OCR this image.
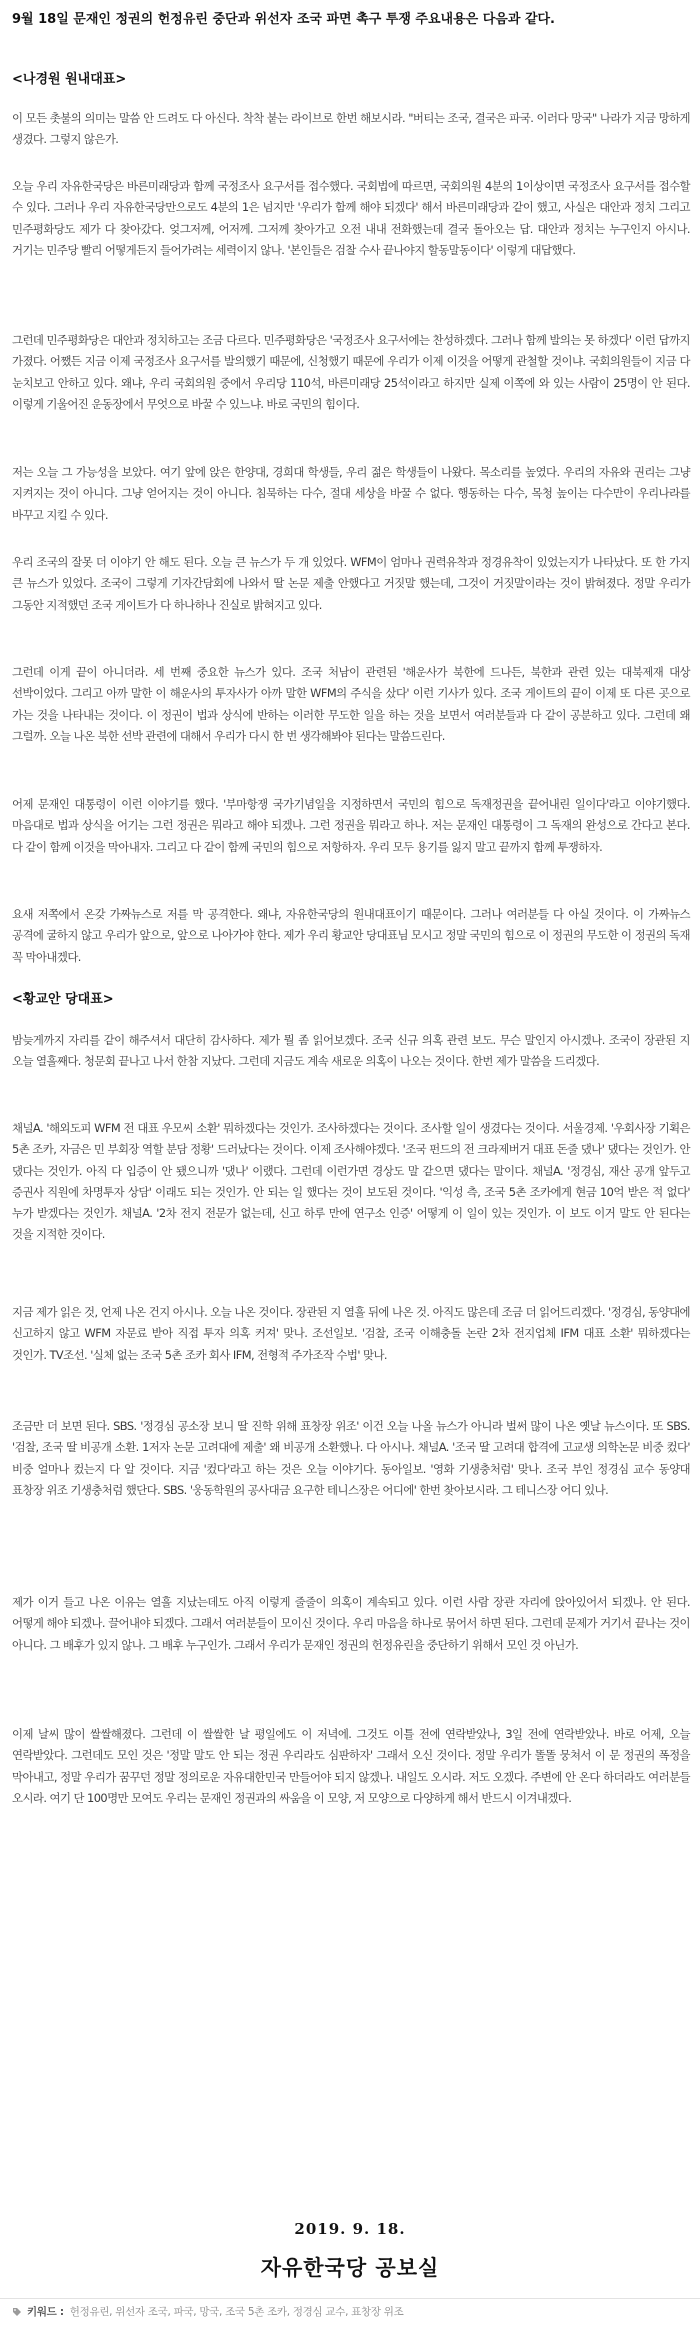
9월 18일 문재인 정권의 헌정유린 중단과 위선자 조국 파면 촉구 투쟁 주요내용은 다음과 같다.
<나경원 원내대표>

이 모든 촛불의 의미는 말씀 안 드려도 다 아신다. 착착 붙는 라이브로 한번 해보시라. "버티는 조국, 결국은 파국. 이러다 망국" 나라가 지금 망하게 생겼다. 그렇지 않은가.

오늘 우리 자유한국당은 바른미래당과 함께 국정조사 요구서를 접수했다. 국회법에 따르면, 국회의원 4분의 1이상이면 국정조사 요구서를 접수할 수 있다. 그러나 우리 자유한국당만으로도 4분의 1은 넘지만 '우리가 함께 해야 되겠다' 해서 바른미래당과 같이 했고, 사실은 대안과 정치 그리고 민주평화당도 제가 다 찾아갔다. 엊그저께, 어저께. 그저께 찾아가고 오전 내내 전화했는데 결국 돌아오는 답. 대안과 정치는 누구인지 아시나. 거기는 민주당 빨리 어떻게든지 들어가려는 세력이지 않나. '본인들은 검찰 수사 끝나야지 할동말동이다' 이렇게 대답했다.

그런데 민주평화당은 대안과 정치하고는 조금 다르다. 민주평화당은 '국정조사 요구서에는 찬성하겠다. 그러나 함께 발의는 못 하겠다' 이런 답까지 가졌다. 어쨌든 지금 이제 국정조사 요구서를 발의했기 때문에, 신청했기 때문에 우리가 이제 이것을 어떻게 관철할 것이냐. 국회의원들이 지금 다 눈치보고 안하고 있다. 왜냐, 우리 국회의원 중에서 우리당 110석, 바른미래당 25석이라고 하지만 실제 이쪽에 와 있는 사람이 25명이 안 된다. 이렇게 기울어진 운동장에서 무엇으로 바꿀 수 있느냐. 바로 국민의 힘이다.

저는 오늘 그 가능성을 보았다. 여기 앞에 앉은 한양대, 경희대 학생들, 우리 젊은 학생들이 나왔다. 목소리를 높였다. 우리의 자유와 권리는 그냥 지켜지는 것이 아니다. 그냥 얻어지는 것이 아니다. 침묵하는 다수, 절대 세상을 바꿀 수 없다. 행동하는 다수, 목청 높이는 다수만이 우리나라를 바꾸고 지킬 수 있다.

우리 조국의 잘못 더 이야기 안 해도 된다. 오늘 큰 뉴스가 두 개 있었다. WFM이 엄마나 권력유착과 정경유착이 있었는지가 나타났다. 또 한 가지 큰 뉴스가 있었다. 조국이 그렇게 기자간담회에 나와서 딸 논문 제출 안했다고 거짓말 했는데, 그것이 거짓말이라는 것이 밝혀졌다. 정말 우리가 그동안 지적했던 조국 게이트가 다 하나하나 진실로 밝혀지고 있다.

그런데 이게 끝이 아니더라. 세 번째 중요한 뉴스가 있다. 조국 처남이 관련된 '해운사가 북한에 드나든, 북한과 관련 있는 대북제재 대상 선박이었다. 그리고 아까 말한 이 해운사의 투자사가 아까 말한 WFM의 주식을 샀다' 이런 기사가 있다. 조국 게이트의 끝이 이제 또 다른 곳으로 가는 것을 나타내는 것이다. 이 정권이 법과 상식에 반하는 이러한 무도한 일을 하는 것을 보면서 여러분들과 다 같이 공분하고 있다. 그런데 왜 그럴까. 오늘 나온 북한 선박 관련에 대해서 우리가 다시 한 번 생각해봐야 된다는 말씀드린다.

어제 문재인 대통령이 이런 이야기를 했다. '부마항쟁 국가기념일을 지정하면서 국민의 힘으로 독재정권을 끝어내린 일이다'라고 이야기했다. 마음대로 법과 상식을 어기는 그런 정권은 뭐라고 해야 되겠나. 그런 정권을 뭐라고 하나. 저는 문재인 대통령이 그 독재의 완성으로 간다고 본다. 다 같이 함께 이것을 막아내자. 그리고 다 같이 함께 국민의 힘으로 저항하자. 우리 모두 용기를 잃지 말고 끝까지 함께 투쟁하자.

요새 저쪽에서 온갖 가짜뉴스로 저를 막 공격한다. 왜냐, 자유한국당의 원내대표이기 때문이다. 그러나 여러분들 다 아실 것이다. 이 가짜뉴스 공격에 굴하지 않고 우리가 앞으로, 앞으로 나아가야 한다. 제가 우리 황교안 당대표님 모시고 정말 국민의 힘으로 이 정권의 무도한 이 정권의 독재 꼭 막아내겠다.

<황교안 당대표>

밤늦게까지 자리를 같이 해주셔서 대단히 감사하다. 제가 뭘 좀 읽어보겠다. 조국 신규 의혹 관련 보도. 무슨 말인지 아시겠나. 조국이 장관된 지 오늘 열흘째다. 청문회 끝나고 나서 한참 지났다. 그런데 지금도 계속 새로운 의혹이 나오는 것이다. 한번 제가 말씀을 드리겠다.

채널A. '해외도피 WFM 전 대표 우모씨 소환' 뭐하겠다는 것인가. 조사하겠다는 것이다. 조사할 일이 생겼다는 것이다. 서울경제. '우회사장 기획은 5촌 조카, 자금은 민 부회장 역할 분담 정황' 드러났다는 것이다. 이제 조사해야겠다. '조국 펀드의 전 크라제버거 대표 돈줄 댔나' 댔다는 것인가. 안 댔다는 것인가. 아직 다 입증이 안 됐으니까 '댔나' 이랬다. 그런데 이런가면 경상도 말 같으면 댔다는 말이다. 채널A. '정경심, 재산 공개 앞두고 증권사 직원에 차명투자 상담' 이래도 되는 것인가. 안 되는 일 했다는 것이 보도된 것이다. '익성 측, 조국 5촌 조카에게 현금 10억 받은 적 없다' 누가 받겠다는 것인가. 채널A. '2차 전지 전문가 없는데, 신고 하루 만에 연구소 인증' 어떻게 이 일이 있는 것인가. 이 보도 이거 말도 안 된다는 것을 지적한 것이다.

지금 제가 읽은 것, 언제 나온 건지 아시나. 오늘 나온 것이다. 장관된 지 열흘 뒤에 나온 것. 아직도 많은데 조금 더 읽어드리겠다. '정경심, 동양대에 신고하지 않고 WFM 자문료 받아 직접 투자 의혹 커져' 맞나. 조선일보. '검찰, 조국 이해충돌 논란 2차 전지업체 IFM 대표 소환' 뭐하겠다는 것인가. TV조선. '실체 없는 조국 5촌 조카 회사 IFM, 전형적 주가조작 수법' 맞나.

조금만 더 보면 된다. SBS. '정경심 공소장 보니 딸 진학 위해 표창장 위조' 이건 오늘 나올 뉴스가 아니라 벌써 많이 나온 옛날 뉴스이다. 또 SBS. '검찰, 조국 딸 비공개 소환. 1저자 논문 고려대에 제출' 왜 비공개 소환했나. 다 아시나. 채널A. '조국 딸 고려대 합격에 고교생 의학논문 비중 컸다' 비중 얼마나 컸는지 다 알 것이다. 지금 '컸다'라고 하는 것은 오늘 이야기다. 동아일보. '영화 기생충처럼' 맞나. 조국 부인 정경심 교수 동양대 표창장 위조 기생충처럼 했단다. SBS. '웅동학원의 공사대금 요구한 테니스장은 어디에' 한번 찾아보시라. 그 테니스장 어디 있나.

제가 이거 들고 나온 이유는 열흘 지났는데도 아직 이렇게 줄줄이 의혹이 계속되고 있다. 이런 사람 장관 자리에 앉아있어서 되겠나. 안 된다. 어떻게 해야 되겠나. 끌어내야 되겠다. 그래서 여러분들이 모이신 것이다. 우리 마음을 하나로 묶어서 하면 된다. 그런데 문제가 거기서 끝나는 것이 아니다. 그 배후가 있지 않나. 그 배후 누구인가. 그래서 우리가 문재인 정권의 헌정유린을 중단하기 위해서 모인 것 아닌가.

이제 날씨 많이 쌀쌀해졌다. 그런데 이 쌀쌀한 날 평일에도 이 저녁에. 그것도 이틀 전에 연락받았나, 3일 전에 연락받았나. 바로 어제, 오늘 연락받았다. 그런데도 모인 것은 '정말 말도 안 되는 정권 우리라도 심판하자' 그래서 오신 것이다. 정말 우리가 똘똘 뭉쳐서 이 문 정권의 폭정을 막아내고, 정말 우리가 꿈꾸던 정말 정의로운 자유대한민국 만들어야 되지 않겠나. 내일도 오시라. 저도 오겠다. 주변에 안 온다 하더라도 여러분들 오시라. 여기 단 100명만 모여도 우리는 문재인 정권과의 싸움을 이 모양, 저 모양으로 다양하게 해서 반드시 이겨내겠다.

2019. 9. 18.
자유한국당 공보실
키워드 : 헌정유린, 위선자 조국, 파국, 망국, 조국 5촌 조카, 정경심 교수, 표창장 위조
